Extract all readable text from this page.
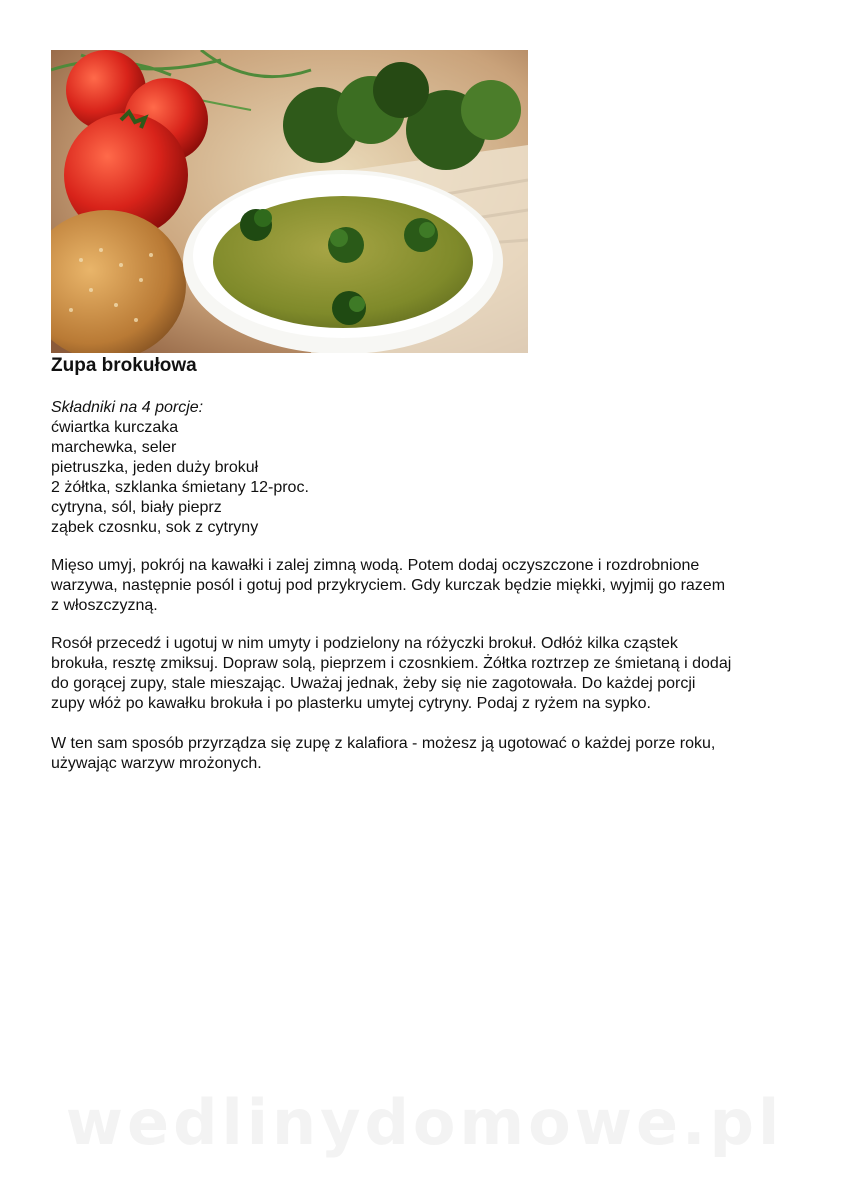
Zupa brokułowa
Składniki na 4 porcje:
ćwiartka kurczaka
marchewka, seler
pietruszka, jeden duży brokuł
2 żółtka, szklanka śmietany 12-proc.
cytryna, sól, biały pieprz
ząbek czosnku, sok z cytryny

Mięso umyj, pokrój na kawałki i zalej zimną wodą. Potem dodaj oczyszczone i rozdrobnione
warzywa, następnie posól i gotuj pod przykryciem. Gdy kurczak będzie miękki, wyjmij go razem
z włoszczyzną.

Rosół przecedź i ugotuj w nim umyty i podzielony na różyczki brokuł. Odłóż kilka cząstek
brokuła, resztę zmiksuj. Dopraw solą, pieprzem i czosnkiem. Żółtka roztrzep ze śmietaną i dodaj
do gorącej zupy, stale mieszając. Uważaj jednak, żeby się nie zagotowała. Do każdej porcji
zupy włóż po kawałku brokuła i po plasterku umytej cytryny. Podaj z ryżem na sypko.

W ten sam sposób przyrządza się zupę z kalafiora - możesz ją ugotować o każdej porze roku,
używając warzyw mrożonych.

wedlinydomowe.pl
